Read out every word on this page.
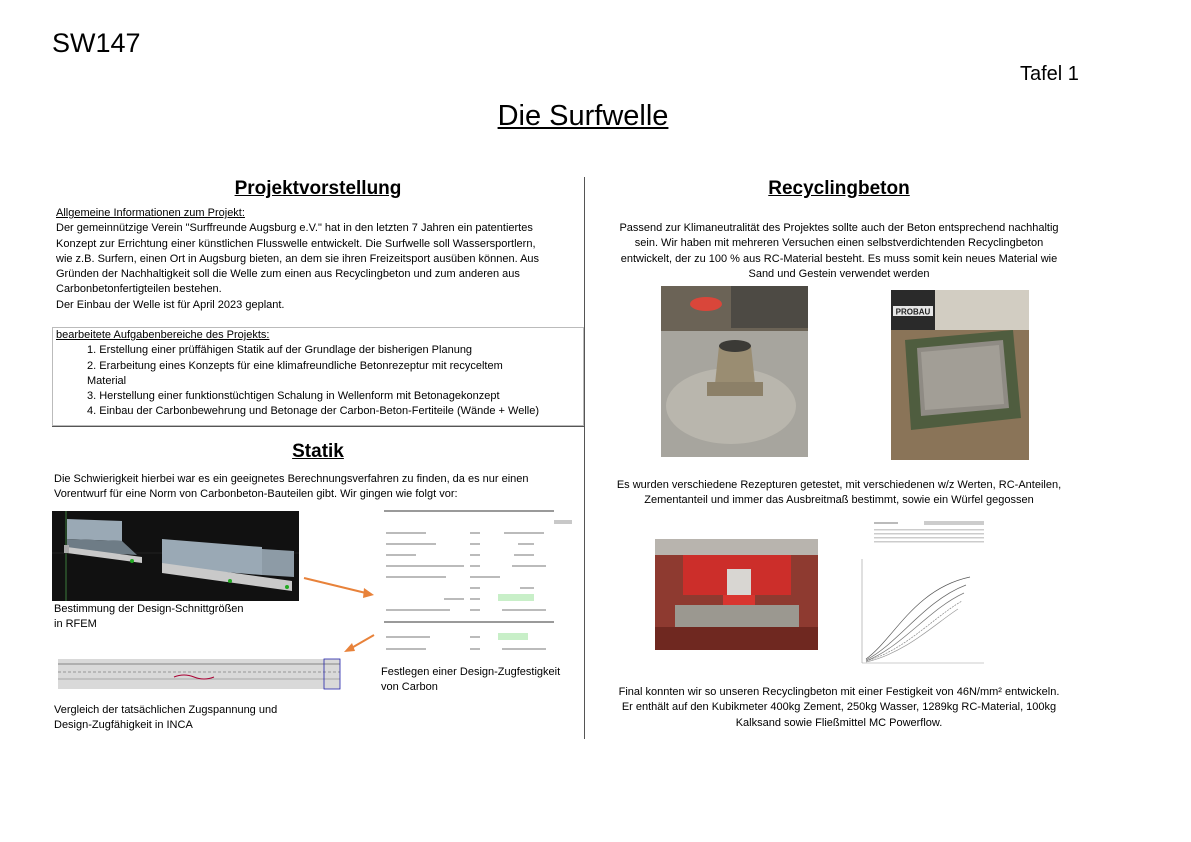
SW147
Tafel 1
Die Surfwelle
Projektvorstellung
Allgemeine Informationen zum Projekt:
Der gemeinnützige Verein "Surffreunde Augsburg e.V." hat in den letzten 7 Jahren ein patentiertes
Konzept zur Errichtung einer künstlichen Flusswelle entwickelt. Die Surfwelle soll Wassersportlern,
wie z.B. Surfern, einen Ort in Augsburg bieten, an dem sie ihren Freizeitsport ausüben können. Aus
Gründen der Nachhaltigkeit soll die Welle zum einen aus Recyclingbeton und zum anderen aus
Carbonbetonfertigteilen bestehen.
Der Einbau der Welle ist für April 2023 geplant.
bearbeitete Aufgabenbereiche des Projekts:
1. Erstellung einer prüffähigen Statik auf der Grundlage der bisherigen Planung
2. Erarbeitung eines Konzepts für eine klimafreundliche Betonrezeptur mit recyceltem
Material
3. Herstellung einer funktionstüchtigen Schalung in Wellenform mit Betonagekonzept
4. Einbau der Carbonbewehrung und Betonage der Carbon-Beton-Fertiteile (Wände + Welle)
Statik
Die Schwierigkeit hierbei war es ein geeignetes Berechnungsverfahren zu finden, da es nur einen
Vorentwurf für eine Norm von Carbonbeton-Bauteilen gibt. Wir gingen wie folgt vor:
Bestimmung der Design-Schnittgrößen
in RFEM
Festlegen einer Design-Zugfestigkeit
von Carbon
Vergleich der tatsächlichen Zugspannung und
Design-Zugfähigkeit in INCA
Recyclingbeton
Passend zur Klimaneutralität des Projektes sollte auch der Beton entsprechend nachhaltig
sein. Wir haben mit mehreren Versuchen einen selbstverdichtenden Recyclingbeton
entwickelt, der zu 100 % aus RC-Material besteht. Es muss somit kein neues Material wie
Sand und Gestein verwendet werden
PROBAU
Es wurden verschiedene Rezepturen getestet, mit verschiedenen w/z Werten, RC-Anteilen,
Zementanteil und immer das Ausbreitmaß bestimmt, sowie ein Würfel gegossen
Final konnten wir so unseren Recyclingbeton mit einer Festigkeit von 46N/mm² entwickeln.
Er enthält auf den Kubikmeter 400kg Zement, 250kg Wasser, 1289kg RC-Material, 100kg
Kalksand sowie Fließmittel MC Powerflow.
